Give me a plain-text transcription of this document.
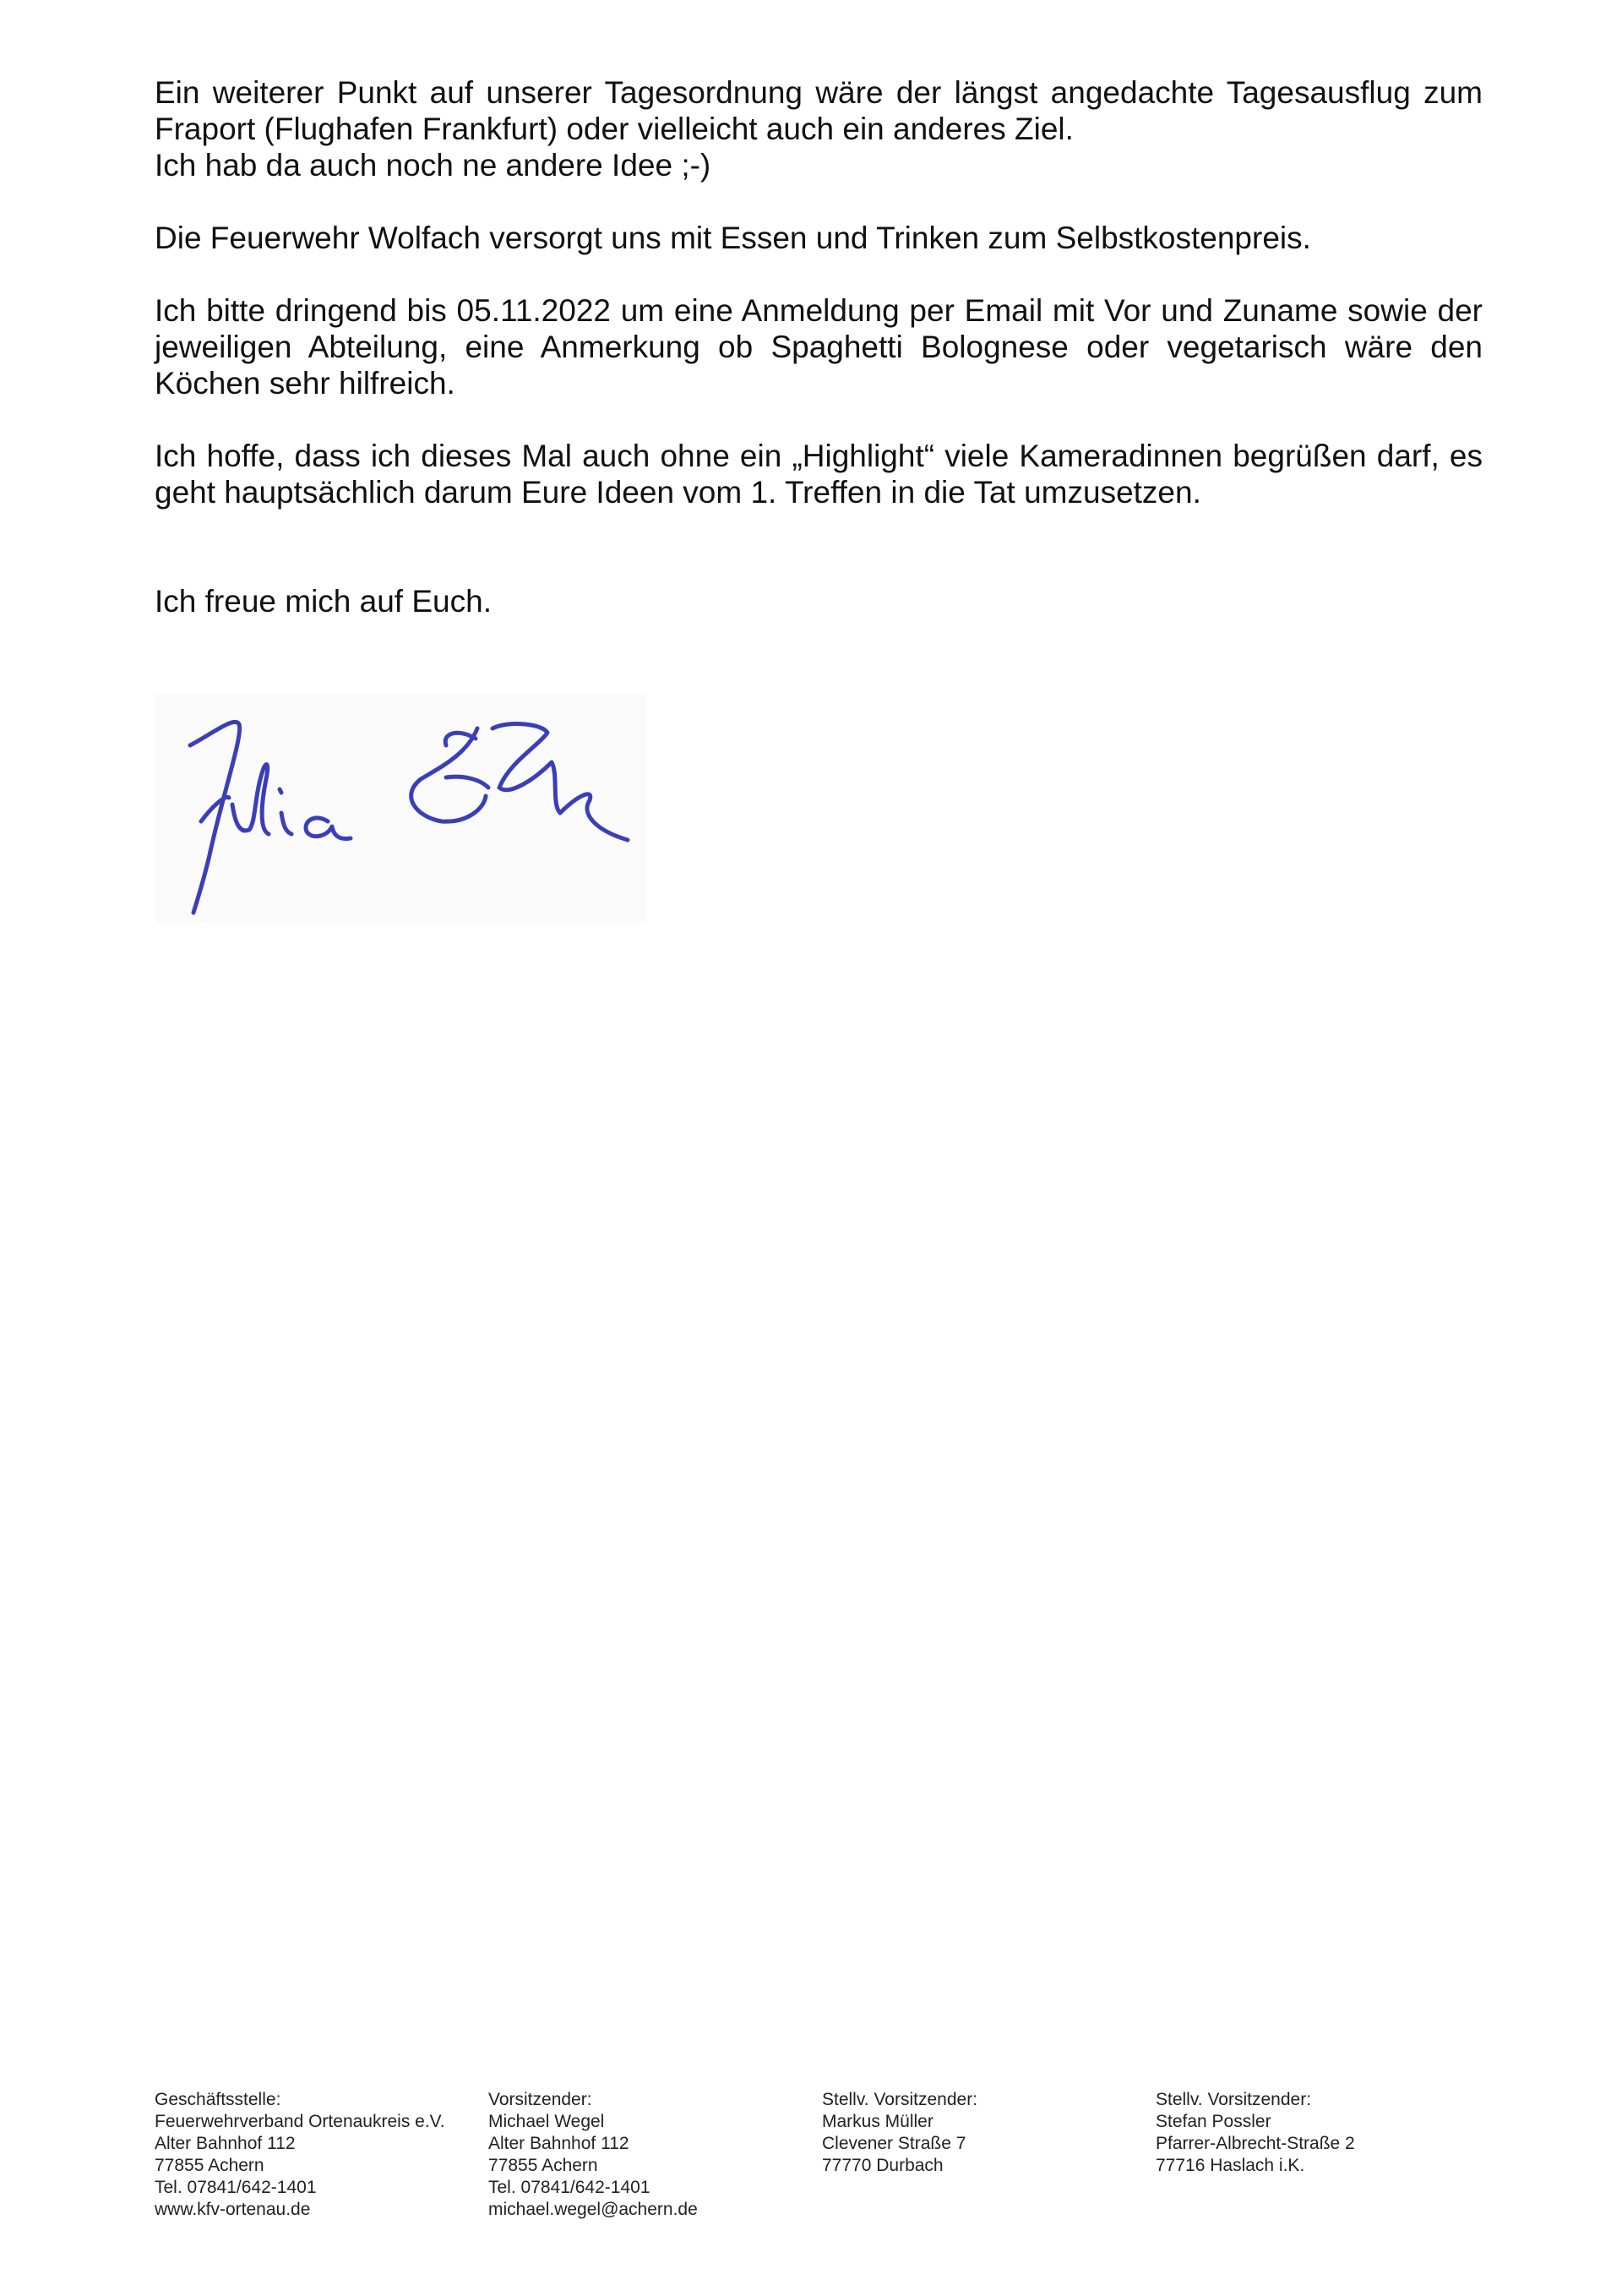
Ein weiterer Punkt auf unserer Tagesordnung wäre der längst angedachte Tagesausflug zum
Fraport (Flughafen Frankfurt) oder vielleicht auch ein anderes Ziel.
Ich hab da auch noch ne andere Idee ;-)

Die Feuerwehr Wolfach versorgt uns mit Essen und Trinken zum Selbstkostenpreis.

Ich bitte dringend bis 05.11.2022 um eine Anmeldung per Email mit Vor und Zuname sowie der
jeweiligen Abteilung, eine Anmerkung ob Spaghetti Bolognese oder vegetarisch wäre den
Köchen sehr hilfreich.

Ich hoffe, dass ich dieses Mal auch ohne ein „Highlight“ viele Kameradinnen begrüßen darf, es
geht hauptsächlich darum Eure Ideen vom 1. Treffen in die Tat umzusetzen.

Ich freue mich auf Euch.

Geschäftsstelle:
Feuerwehrverband Ortenaukreis e.V.
Alter Bahnhof 112
77855 Achern
Tel. 07841/642-1401
www.kfv-ortenau.de
Vorsitzender:
Michael Wegel
Alter Bahnhof 112
77855 Achern
Tel. 07841/642-1401
michael.wegel@achern.de
Stellv. Vorsitzender:
Markus Müller
Clevener Straße 7
77770 Durbach
Stellv. Vorsitzender:
Stefan Possler
Pfarrer-Albrecht-Straße 2
77716 Haslach i.K.
